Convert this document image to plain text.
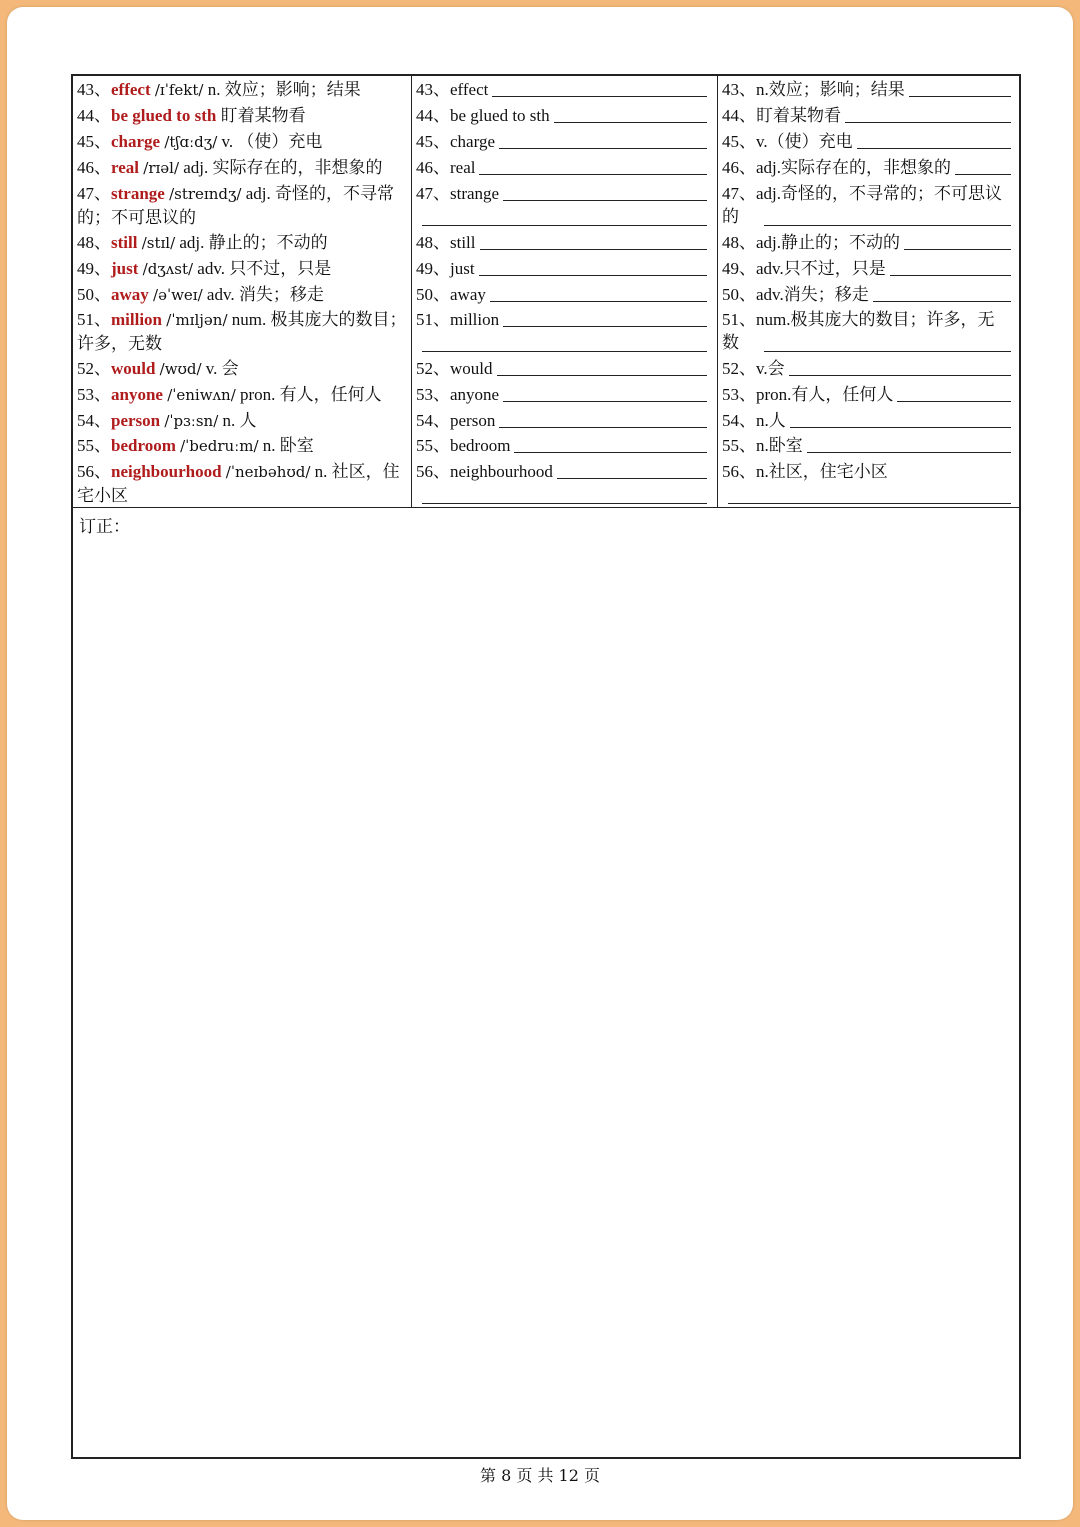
43、effect /ɪˈfekt/ n. 效应；影响；结果
44、be glued to sth 盯着某物看
45、charge /tʃɑːdʒ/ v. （使）充电
46、real /rɪəl/ adj. 实际存在的，非想象的
47、strange /streɪndʒ/ adj. 奇怪的，不寻常的；不可思议的
48、still /stɪl/ adj. 静止的；不动的
49、just /dʒʌst/ adv. 只不过，只是
50、away /əˈweɪ/ adv. 消失；移走
51、million /ˈmɪljən/ num. 极其庞大的数目；许多，无数
52、would /wʊd/ v. 会
53、anyone /ˈeniwʌn/ pron. 有人，任何人
54、person /ˈpɜːsn/ n. 人
55、bedroom /ˈbedruːm/ n. 卧室
56、neighbourhood /ˈneɪbəhʊd/ n. 社区，住宅小区
43、 effect
44、 be glued to sth
45、 charge
46、 real
47、 strange
48、 still
49、 just
50、 away
51、 million
52、 would
53、 anyone
54、 person
55、 bedroom
56、 neighbourhood
43、 n.效应；影响；结果
44、 盯着某物看
45、 v.（使）充电
46、 adj.实际存在的，非想象的
47、adj.奇怪的，不寻常的；不可思议的
48、 adj.静止的；不动的
49、 adv.只不过，只是
50、 adv.消失；移走
51、num.极其庞大的数目；许多，无数
52、 v.会
53、 pron.有人，任何人
54、 n.人
55、 n.卧室
56、n.社区，住宅小区
订正：
第 8 页 共 12 页
